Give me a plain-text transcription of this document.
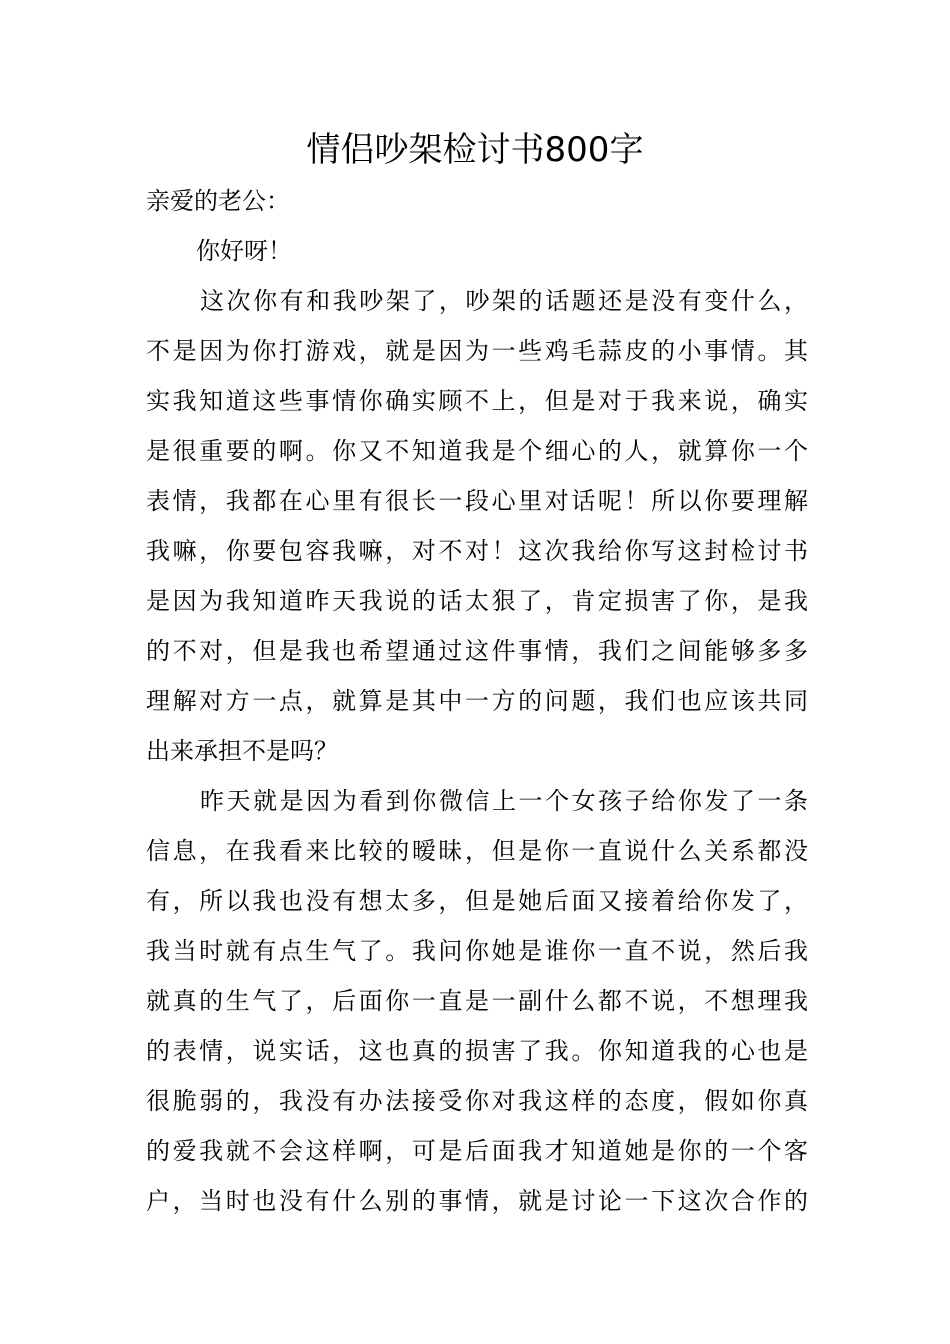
情侣吵架检讨书800字

亲爱的老公：

你好呀！

这次你有和我吵架了，吵架的话题还是没有变什么，

不是因为你打游戏，就是因为一些鸡毛蒜皮的小事情。其

实我知道这些事情你确实顾不上，但是对于我来说，确实

是很重要的啊。你又不知道我是个细心的人，就算你一个

表情，我都在心里有很长一段心里对话呢！所以你要理解

我嘛，你要包容我嘛，对不对！这次我给你写这封检讨书

是因为我知道昨天我说的话太狠了，肯定损害了你，是我

的不对，但是我也希望通过这件事情，我们之间能够多多

理解对方一点，就算是其中一方的问题，我们也应该共同

出来承担不是吗？

昨天就是因为看到你微信上一个女孩子给你发了一条

信息，在我看来比较的暧昧，但是你一直说什么关系都没

有，所以我也没有想太多，但是她后面又接着给你发了，

我当时就有点生气了。我问你她是谁你一直不说，然后我

就真的生气了，后面你一直是一副什么都不说，不想理我

的表情，说实话，这也真的损害了我。你知道我的心也是

很脆弱的，我没有办法接受你对我这样的态度，假如你真

的爱我就不会这样啊，可是后面我才知道她是你的一个客

户，当时也没有什么别的事情，就是讨论一下这次合作的
